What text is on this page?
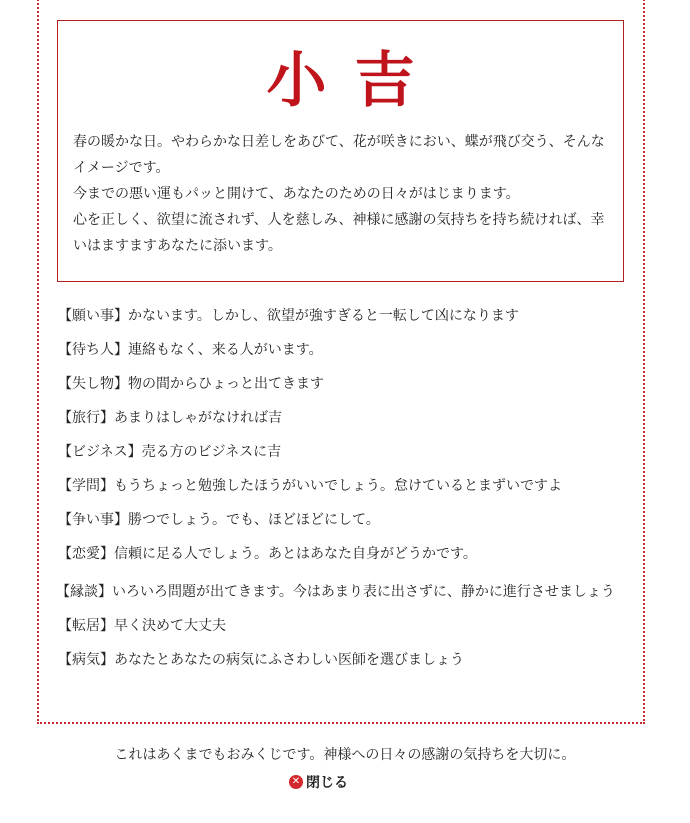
小吉

春の暖かな日。やわらかな日差しをあびて、花が咲きにおい、蝶が飛び交う、そんなイメージです。

今までの悪い運もパッと開けて、あなたのための日々がはじまります。

心を正しく、欲望に流されず、人を慈しみ、神様に感謝の気持ちを持ち続ければ、幸いはますますあなたに添います。

【願い事】かないます。しかし、欲望が強すぎると一転して凶になります
【待ち人】連絡もなく、来る人がいます。
【失し物】物の間からひょっと出てきます
【旅行】あまりはしゃがなければ吉
【ビジネス】売る方のビジネスに吉
【学問】もうちょっと勉強したほうがいいでしょう。怠けているとまずいですよ
【争い事】勝つでしょう。でも、ほどほどにして。
【恋愛】信頼に足る人でしょう。あとはあなた自身がどうかです。
【縁談】いろいろ問題が出てきます。今はあまり表に出さずに、静かに進行させましょう
【転居】早く決めて大丈夫
【病気】あなたとあなたの病気にふさわしい医師を選びましょう
これはあくまでもおみくじです。神様への日々の感謝の気持ちを大切に。
✕ 閉じる
